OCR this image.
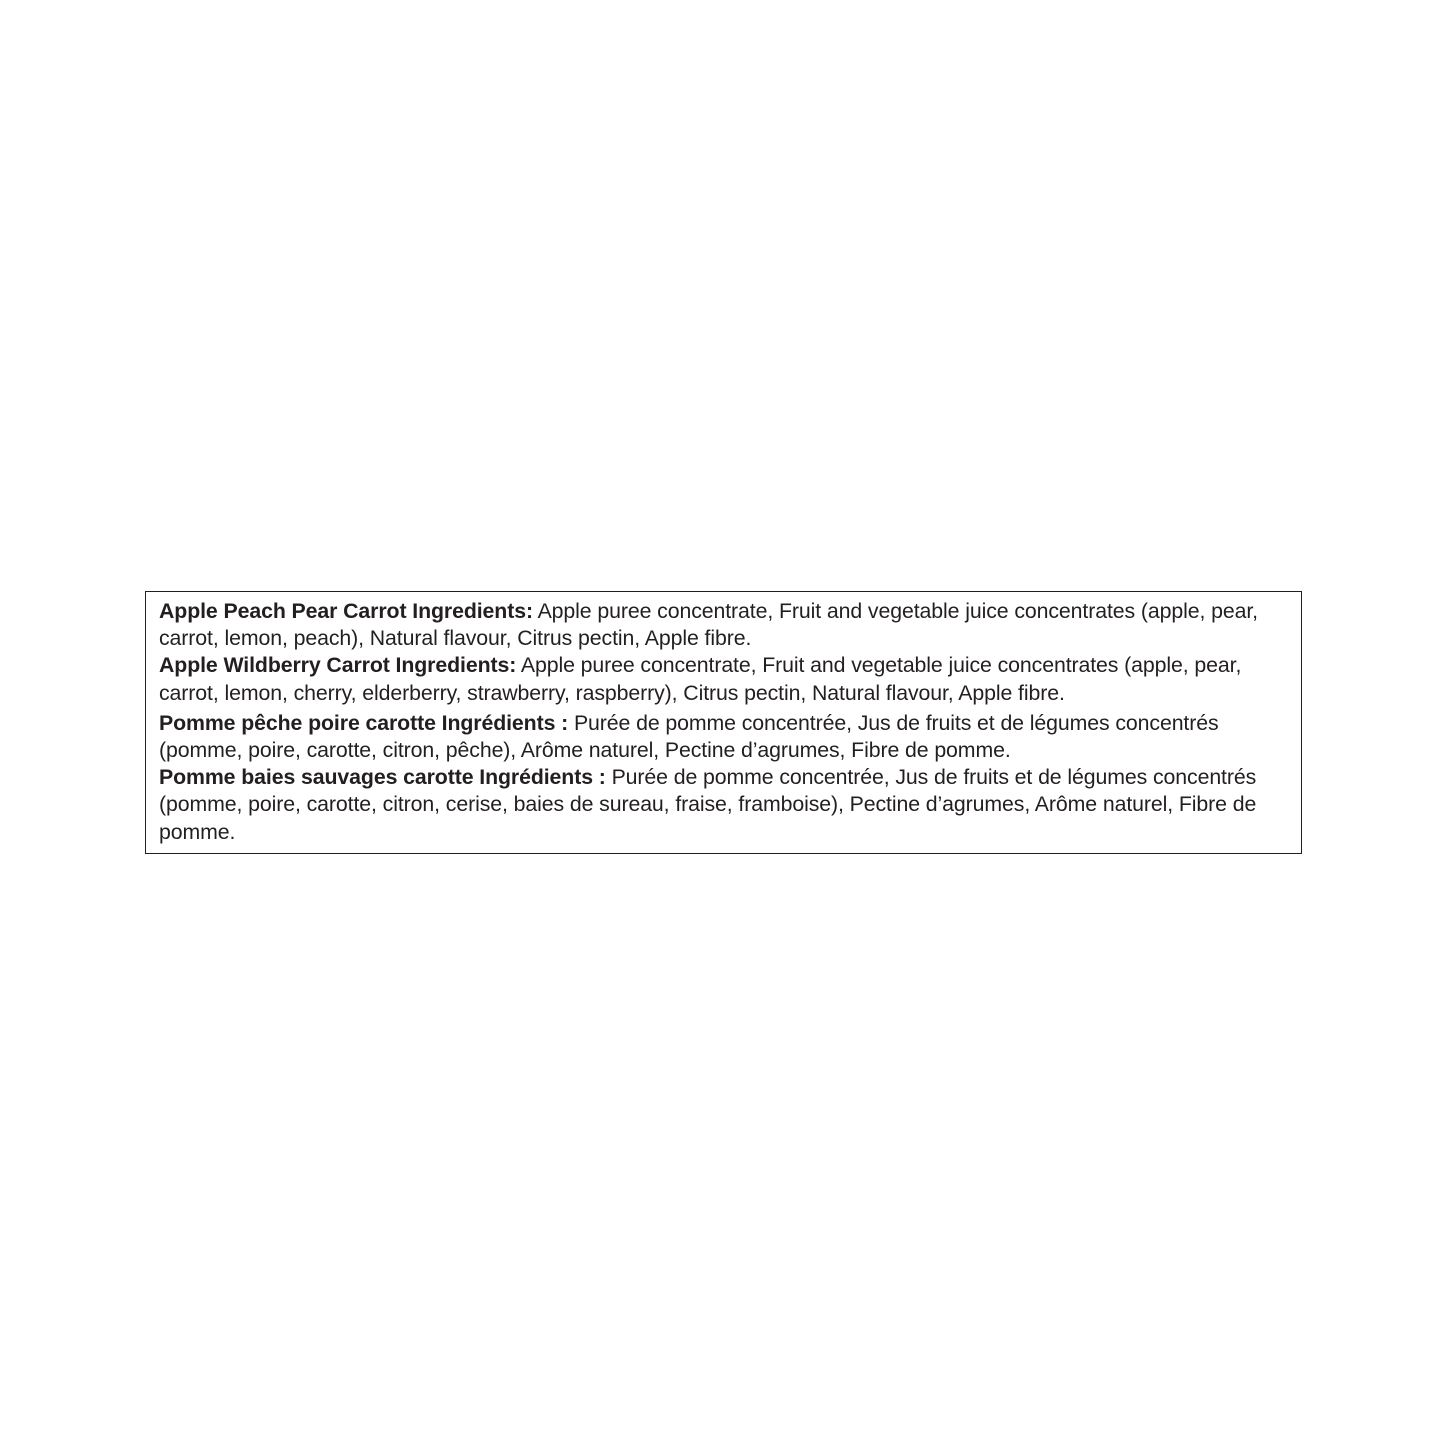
Apple Peach Pear Carrot Ingredients: Apple puree concentrate, Fruit and vegetable juice concentrates (apple, pear, carrot, lemon, peach), Natural flavour, Citrus pectin, Apple fibre.

Apple Wildberry Carrot Ingredients: Apple puree concentrate, Fruit and vegetable juice concentrates (apple, pear, carrot, lemon, cherry, elderberry, strawberry, raspberry), Citrus pectin, Natural flavour, Apple fibre.

Pomme pêche poire carotte Ingrédients : Purée de pomme concentrée, Jus de fruits et de légumes concentrés (pomme, poire, carotte, citron, pêche), Arôme naturel, Pectine d’agrumes, Fibre de pomme.

Pomme baies sauvages carotte Ingrédients : Purée de pomme concentrée, Jus de fruits et de légumes concentrés (pomme, poire, carotte, citron, cerise, baies de sureau, fraise, framboise), Pectine d’agrumes, Arôme naturel, Fibre de pomme.
